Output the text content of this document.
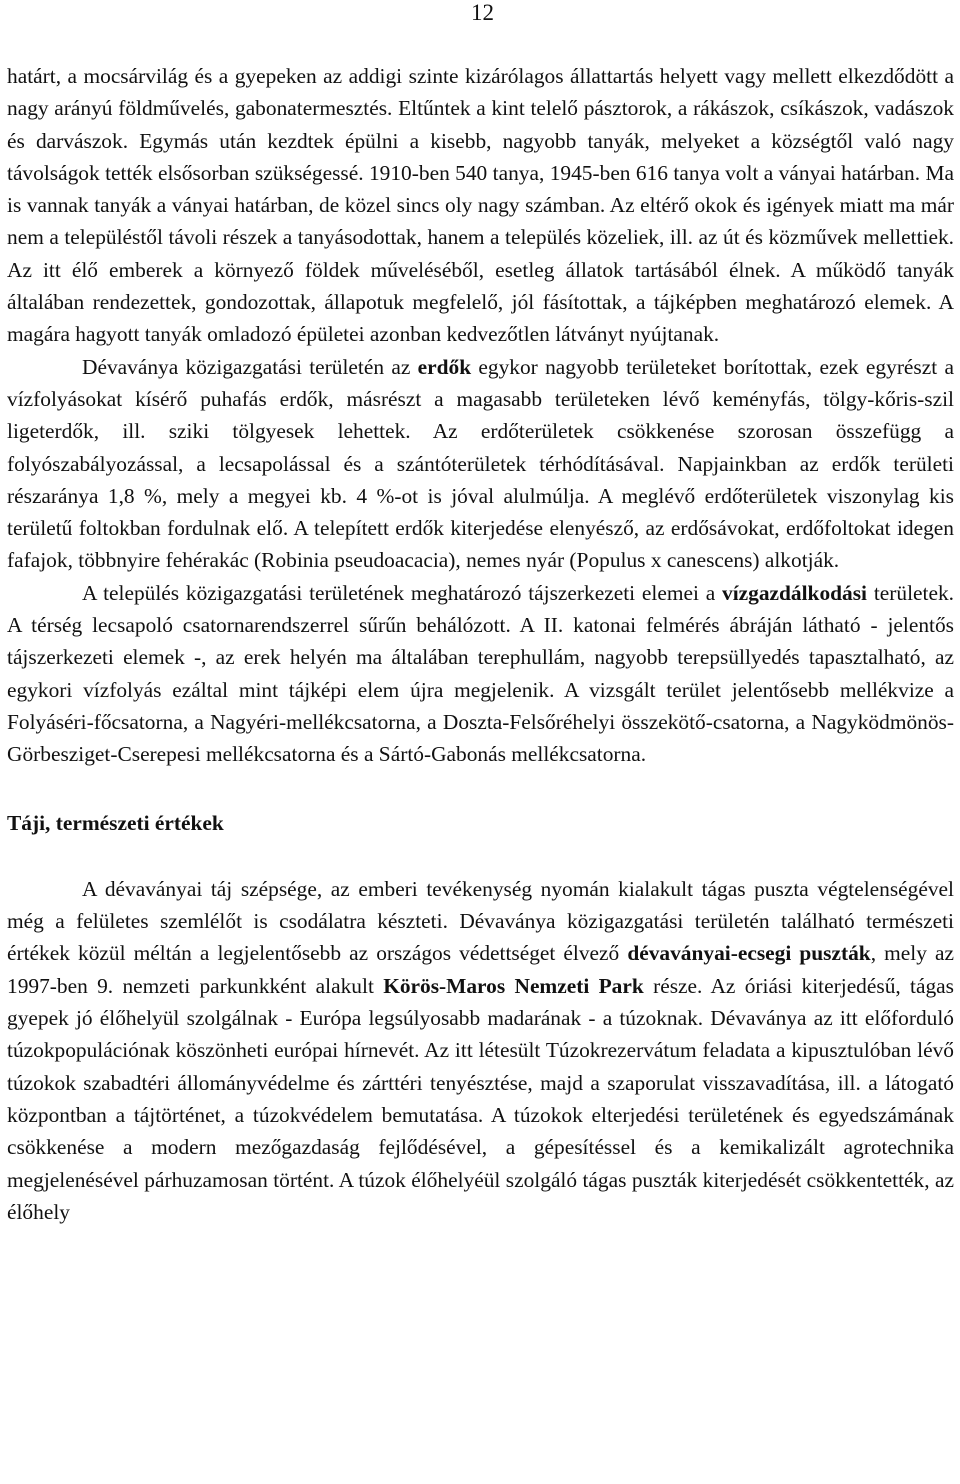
12

határt, a mocsárvilág és a gyepeken az addigi szinte kizárólagos állattartás helyett vagy mellett elkezdődött a nagy arányú földművelés, gabonatermesztés. Eltűntek a kint telelő pásztorok, a rákászok, csíkászok, vadászok és darvászok. Egymás után kezdtek épülni a kisebb, nagyobb tanyák, melyeket a községtől való nagy távolságok tették elsősorban szükségessé. 1910-ben 540 tanya, 1945-ben 616 tanya volt a ványai határban. Ma is vannak tanyák a ványai határban, de közel sincs oly nagy számban. Az eltérő okok és igények miatt ma már nem a településtől távoli részek a tanyásodottak, hanem a település közeliek, ill. az út és közművek mellettiek. Az itt élő emberek a környező földek műveléséből, esetleg állatok tartásából élnek. A működő tanyák általában rendezettek, gondozottak, állapotuk megfelelő, jól fásítottak, a tájképben meghatározó elemek. A magára hagyott tanyák omladozó épületei azonban kedvezőtlen látványt nyújtanak.

Dévaványa közigazgatási területén az erdők egykor nagyobb területeket borítottak, ezek egyrészt a vízfolyásokat kísérő puhafás erdők, másrészt a magasabb területeken lévő keményfás, tölgy-kőris-szil ligeterdők, ill. sziki tölgyesek lehettek. Az erdőterületek csökkenése szorosan összefügg a folyószabályozással, a lecsapolással és a szántóterületek térhódításával. Napjainkban az erdők területi részaránya 1,8 %, mely a megyei kb. 4 %-ot is jóval alulmúlja. A meglévő erdőterületek viszonylag kis területű foltokban fordulnak elő. A telepített erdők kiterjedése elenyésző, az erdősávokat, erdőfoltokat idegen fafajok, többnyire fehérakác (Robinia pseudoacacia), nemes nyár (Populus x canescens) alkotják.

A település közigazgatási területének meghatározó tájszerkezeti elemei a vízgazdálkodási területek. A térség lecsapoló csatornarendszerrel sűrűn behálózott. A II. katonai felmérés ábráján látható - jelentős tájszerkezeti elemek -, az erek helyén ma általában terephullám, nagyobb terepsüllyedés tapasztalható, az egykori vízfolyás ezáltal mint tájképi elem újra megjelenik. A vizsgált terület jelentősebb mellékvize a Folyáséri-főcsatorna, a Nagyéri-mellékcsatorna, a Doszta-Felsőréhelyi összekötő-csatorna, a Nagyködmönös-Görbesziget-Cserepesi mellékcsatorna és a Sártó-Gabonás mellékcsatorna.

Táji, természeti értékek

A dévaványai táj szépsége, az emberi tevékenység nyomán kialakult tágas puszta végtelenségével még a felületes szemlélőt is csodálatra készteti. Dévaványa közigazgatási területén található természeti értékek közül méltán a legjelentősebb az országos védettséget élvező dévaványai-ecsegi puszták, mely az 1997-ben 9. nemzeti parkunkként alakult Körös-Maros Nemzeti Park része. Az óriási kiterjedésű, tágas gyepek jó élőhelyül szolgálnak - Európa legsúlyosabb madarának - a túzoknak. Dévaványa az itt előforduló túzokpopulációnak köszönheti európai hírnevét. Az itt létesült Túzokrezervátum feladata a kipusztulóban lévő túzokok szabadtéri állományvédelme és zárttéri tenyésztése, majd a szaporulat visszavadítása, ill. a látogató központban a tájtörténet, a túzokvédelem bemutatása. A túzokok elterjedési területének és egyedszámának csökkenése a modern mezőgazdaság fejlődésével, a gépesítéssel és a kemikalizált agrotechnika megjelenésével párhuzamosan történt. A túzok élőhelyéül szolgáló tágas puszták kiterjedését csökkentették, az élőhely
